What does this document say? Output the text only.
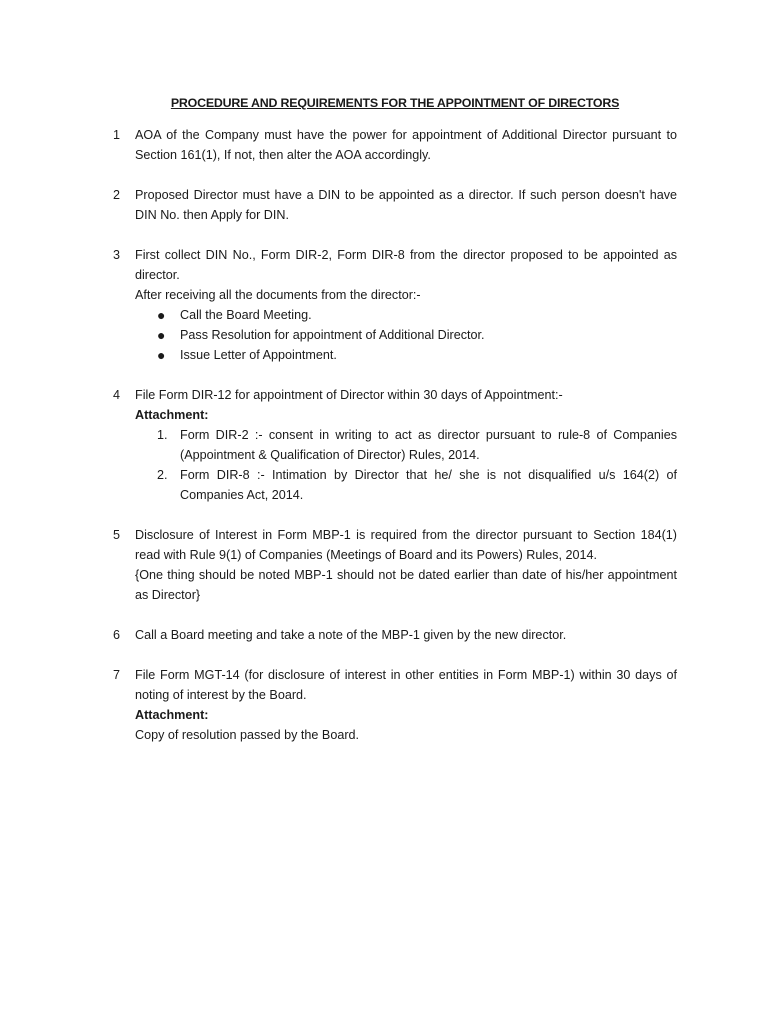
PROCEDURE AND REQUIREMENTS FOR THE APPOINTMENT OF DIRECTORS
1	AOA of the Company must have the power for appointment of Additional Director pursuant to Section 161(1), If not, then alter the AOA accordingly.

2	Proposed Director must have a DIN to be appointed as a director. If such person doesn't have DIN No. then Apply for DIN.

3	First collect DIN No., Form DIR-2, Form DIR-8 from the director proposed to be appointed as director.

After receiving all the documents from the director:-

● Call the Board Meeting.
● Pass Resolution for appointment of Additional Director.
● Issue Letter of Appointment.
4	File Form DIR-12 for appointment of Director within 30 days of Appointment:-

Attachment:

1. Form DIR-2 :- consent in writing to act as director pursuant to rule-8 of Companies (Appointment & Qualification of Director) Rules, 2014.
2. Form DIR-8 :- Intimation by Director that he/ she is not disqualified u/s 164(2) of Companies Act, 2014.
5	Disclosure of Interest in Form MBP-1 is required from the director pursuant to Section 184(1) read with Rule 9(1) of Companies (Meetings of Board and its Powers) Rules, 2014.

{One thing should be noted MBP-1 should not be dated earlier than date of his/her appointment as Director}

6	Call a Board meeting and take a note of the MBP-1 given by the new director.

7	File Form MGT-14 (for disclosure of interest in other entities in Form MBP-1) within 30 days of noting of interest by the Board.

Attachment:

Copy of resolution passed by the Board.
